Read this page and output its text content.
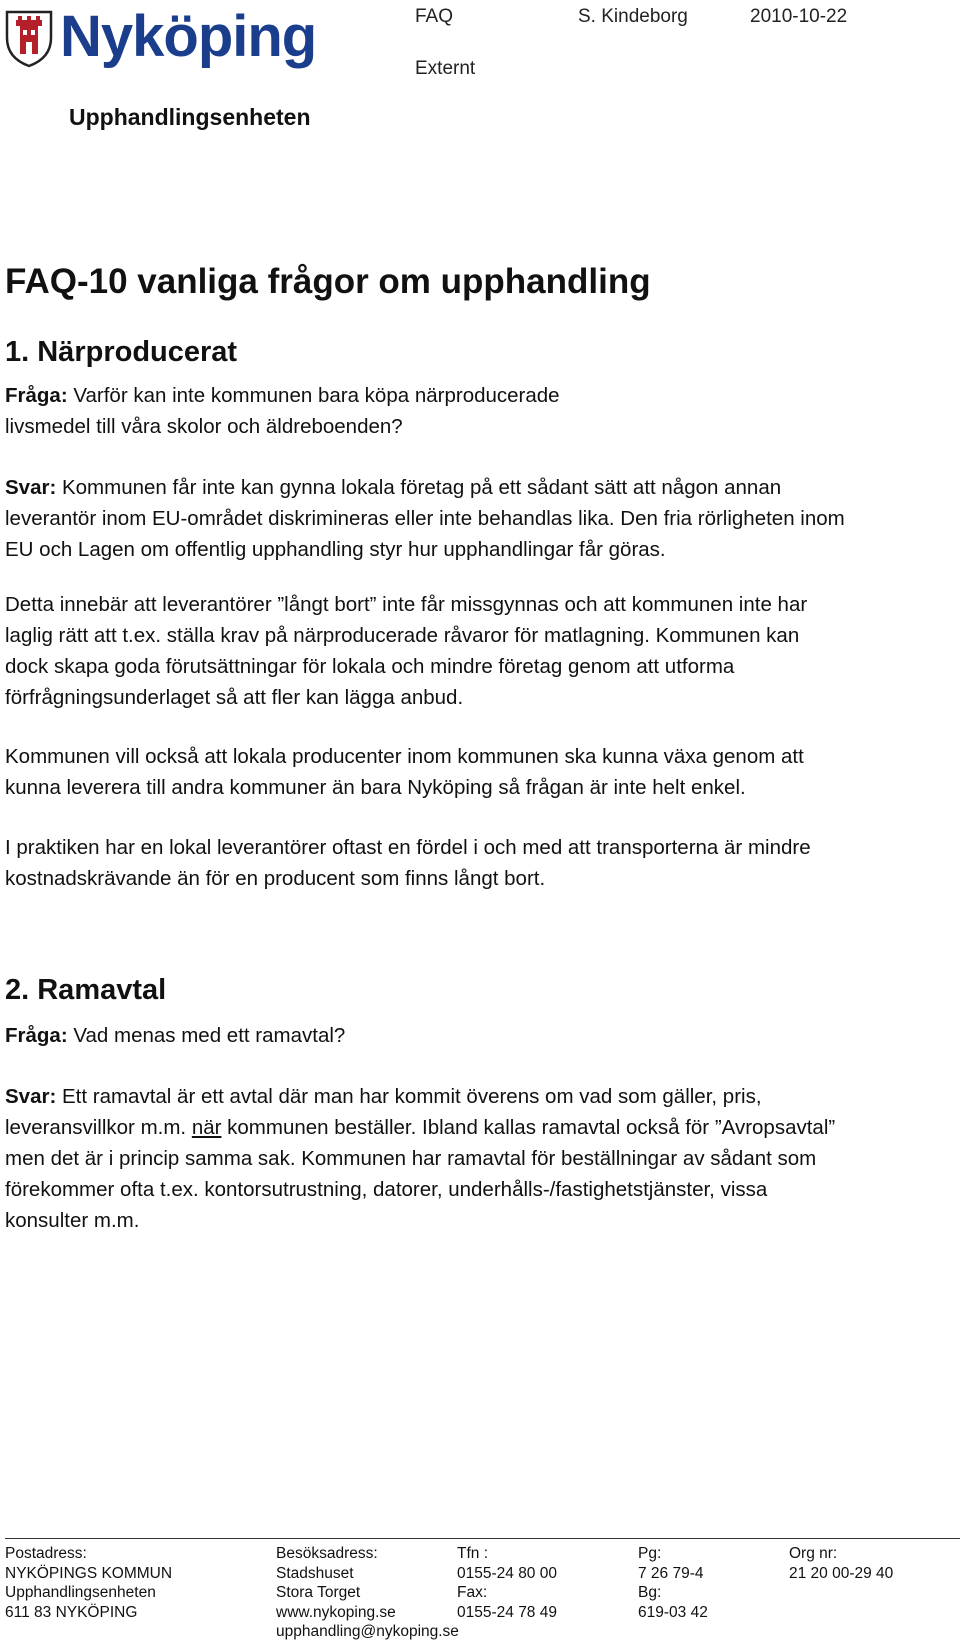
Nyköping	FAQ	S. Kindeborg	2010-10-22
Externt
Upphandlingsenheten
FAQ-10 vanliga frågor om upphandling
1. Närproducerat
Fråga: Varför kan inte kommunen bara köpa närproducerade
livsmedel till våra skolor och äldreboenden?
Svar: Kommunen får inte kan gynna lokala företag på ett sådant sätt att någon annan
leverantör inom EU-området diskrimineras eller inte behandlas lika. Den fria rörligheten inom
EU och Lagen om offentlig upphandling styr hur upphandlingar får göras.
Detta innebär att leverantörer ”långt bort” inte får missgynnas och att kommunen inte har
laglig rätt att t.ex. ställa krav på närproducerade råvaror för matlagning. Kommunen kan
dock skapa goda förutsättningar för lokala och mindre företag genom att utforma
förfrågningsunderlaget så att fler kan lägga anbud.
Kommunen vill också att lokala producenter inom kommunen ska kunna växa genom att
kunna leverera till andra kommuner än bara Nyköping så frågan är inte helt enkel.
I praktiken har en lokal leverantörer oftast en fördel i och med att transporterna är mindre
kostnadskrävande än för en producent som finns långt bort.
2. Ramavtal
Fråga: Vad menas med ett ramavtal?
Svar: Ett ramavtal är ett avtal där man har kommit överens om vad som gäller, pris,
leveransvillkor m.m. när kommunen beställer. Ibland kallas ramavtal också för ”Avropsavtal”
men det är i princip samma sak. Kommunen har ramavtal för beställningar av sådant som
förekommer ofta t.ex. kontorsutrustning, datorer, underhålls-/fastighetstjänster, vissa
konsulter m.m.
Postadress:
NYKÖPINGS KOMMUN
Upphandlingsenheten
611 83 NYKÖPING
Besöksadress:
Stadshuset
Stora Torget
www.nykoping.se
upphandling@nykoping.se
Tfn :
0155-24 80 00
Fax:
0155-24 78 49
Pg:
7 26 79-4
Bg:
619-03 42
Org nr:
21 20 00-29 40
